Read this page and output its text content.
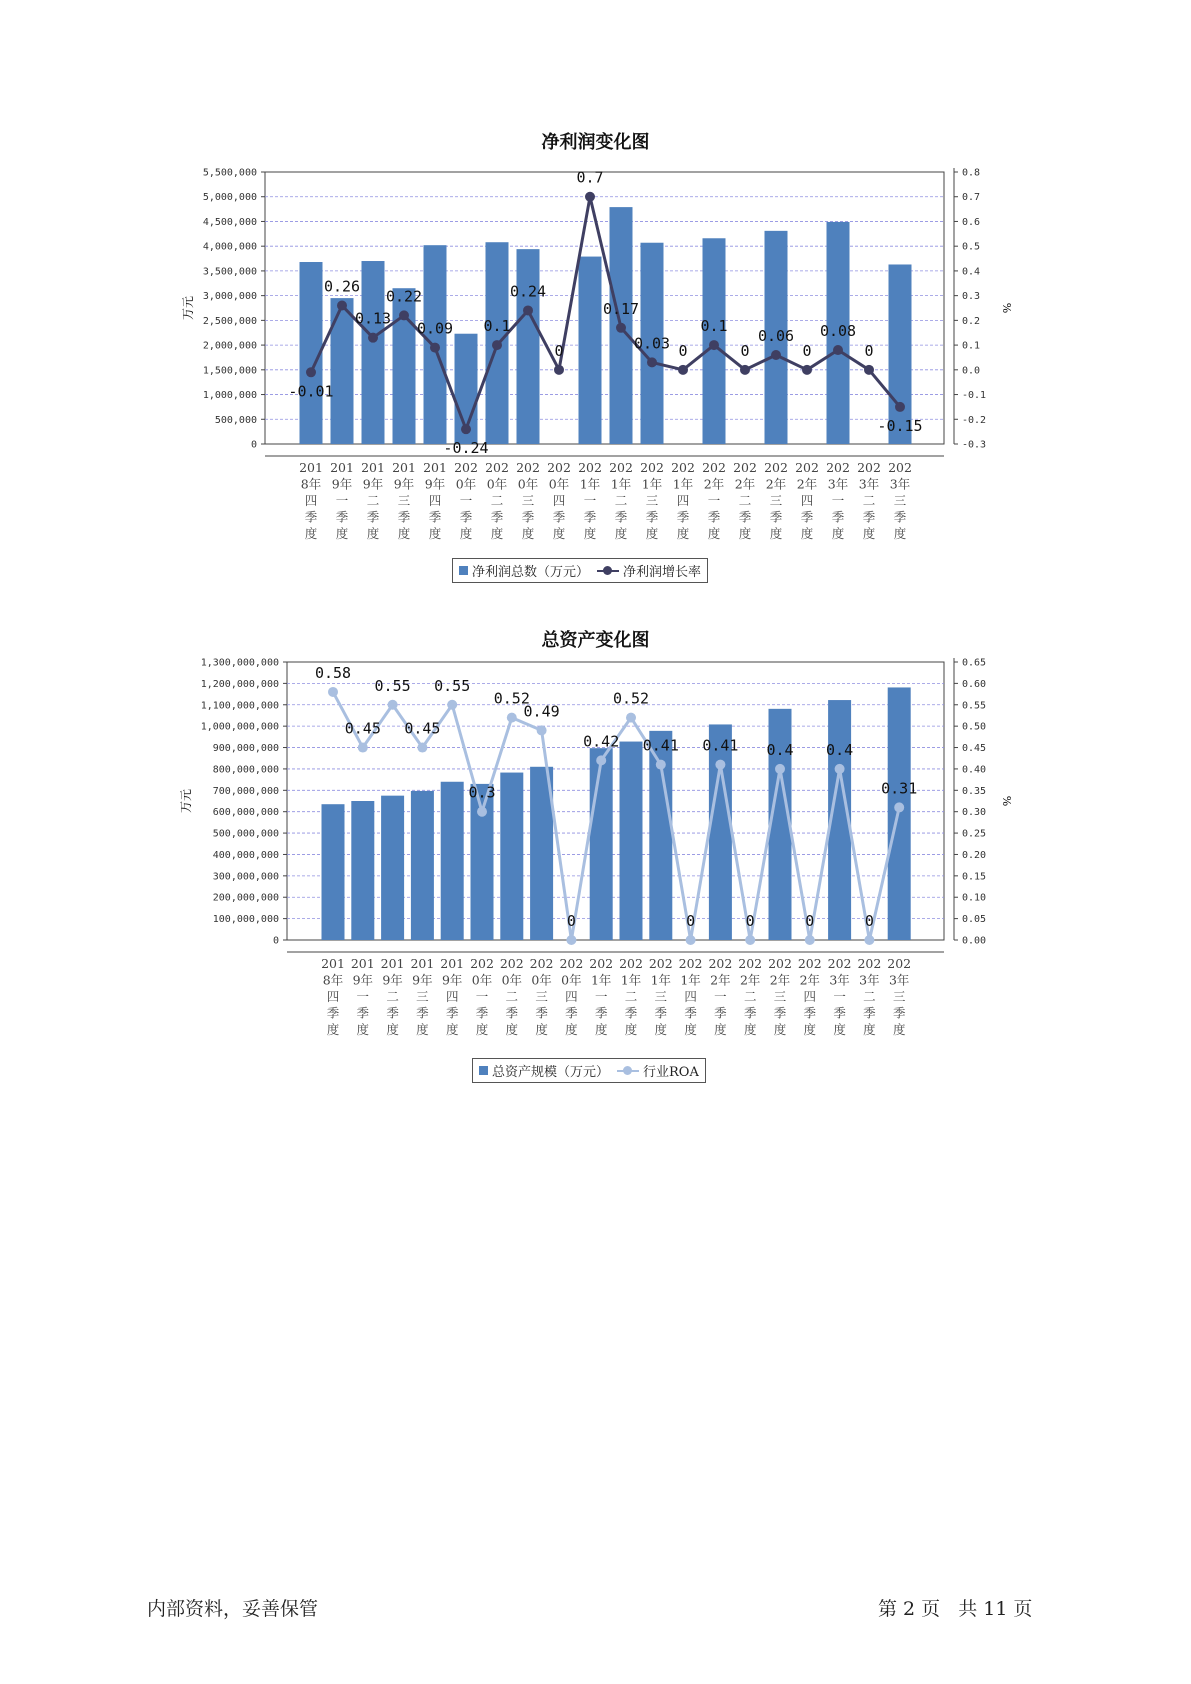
净利润变化图
0
500,000
1,000,000
1,500,000
2,000,000
2,500,000
3,000,000
3,500,000
4,000,000
4,500,000
5,000,000
5,500,000
-0.3
-0.2
-0.1
0.0
0.1
0.2
0.3
0.4
0.5
0.6
0.7
0.8
万元	%
201
8年
四
季
度
201
9年
一
季
度
201
9年
二
季
度
201
9年
三
季
度
201
9年
四
季
度
202
0年
一
季
度
202
0年
二
季
度
202
0年
三
季
度
202
0年
四
季
度
202
1年
一
季
度
202
1年
二
季
度
202
1年
三
季
度
202
1年
四
季
度
202
2年
一
季
度
202
2年
二
季
度
202
2年
三
季
度
202
2年
四
季
度
202
3年
一
季
度
202
3年
二
季
度
202
3年
三
季
度
-0.01
0.26
0.13
0.22
0.09
-0.24
0.1
0.24
0
0.7
0.17
0.03 0
0.1
0
0.06
0
0.08
0
-0.15
净利润总数（万元）	净利润增长率
总资产变化图
0
100,000,000
200,000,000
300,000,000
400,000,000
500,000,000
600,000,000
700,000,000
800,000,000
900,000,000
1,000,000,000
1,100,000,000
1,200,000,000
1,300,000,000
0.00
0.05
0.10
0.15
0.20
0.25
0.30
0.35
0.40
0.45
0.50
0.55
0.60
0.65
万元	%
201
8年
四
季
度
201
9年
一
季
度
201
9年
二
季
度
201
9年
三
季
度
201
9年
四
季
度
202
0年
一
季
度
202
0年
二
季
度
202
0年
三
季
度
202
0年
四
季
度
202
1年
一
季
度
202
1年
二
季
度
202
1年
三
季
度
202
1年
四
季
度
202
2年
一
季
度
202
2年
二
季
度
202
2年
三
季
度
202
2年
四
季
度
202
3年
一
季
度
202
3年
二
季
度
202
3年
三
季
度
0.58
0.45
0.55
0.45
0.55
0.3
0.52
0.49
0
0.42
0.52
0.41
0
0.41
0
0.4
0
0.4
0
0.31
总资产规模（万元）	行业ROA
内部资料，妥善保管	第 2 页 共 11 页
